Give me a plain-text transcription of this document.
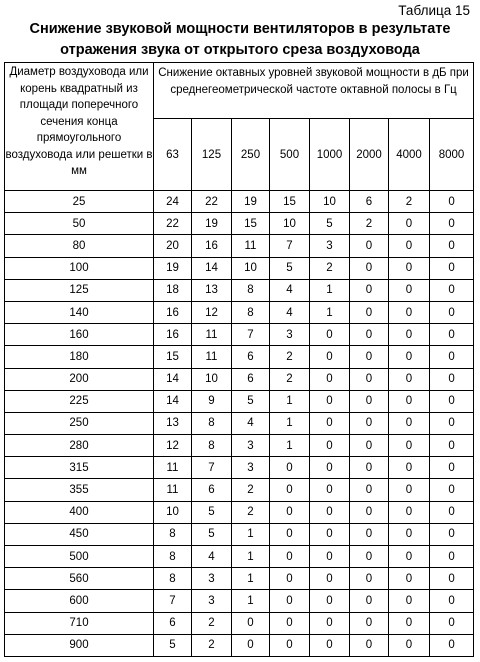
Таблица 15
Снижение звуковой мощности вентиляторов в результате
отражения звука от открытого среза воздуховода
Диаметр воздуховода или корень квадратный из площади поперечного сечения конца прямоугольного воздуховода или решетки в мм	Снижение октавных уровней звуковой мощности в дБ при среднегеометрической частоте октавной полосы в Гц							
	63	125	250	500	1000	2000	4000	8000
25	24	22	19	15	10	6	2	0
50	22	19	15	10	5	2	0	0
80	20	16	11	7	3	0	0	0
100	19	14	10	5	2	0	0	0
125	18	13	8	4	1	0	0	0
140	16	12	8	4	1	0	0	0
160	16	11	7	3	0	0	0	0
180	15	11	6	2	0	0	0	0
200	14	10	6	2	0	0	0	0
225	14	9	5	1	0	0	0	0
250	13	8	4	1	0	0	0	0
280	12	8	3	1	0	0	0	0
315	11	7	3	0	0	0	0	0
355	11	6	2	0	0	0	0	0
400	10	5	2	0	0	0	0	0
450	8	5	1	0	0	0	0	0
500	8	4	1	0	0	0	0	0
560	8	3	1	0	0	0	0	0
600	7	3	1	0	0	0	0	0
710	6	2	0	0	0	0	0	0
900	5	2	0	0	0	0	0	0
